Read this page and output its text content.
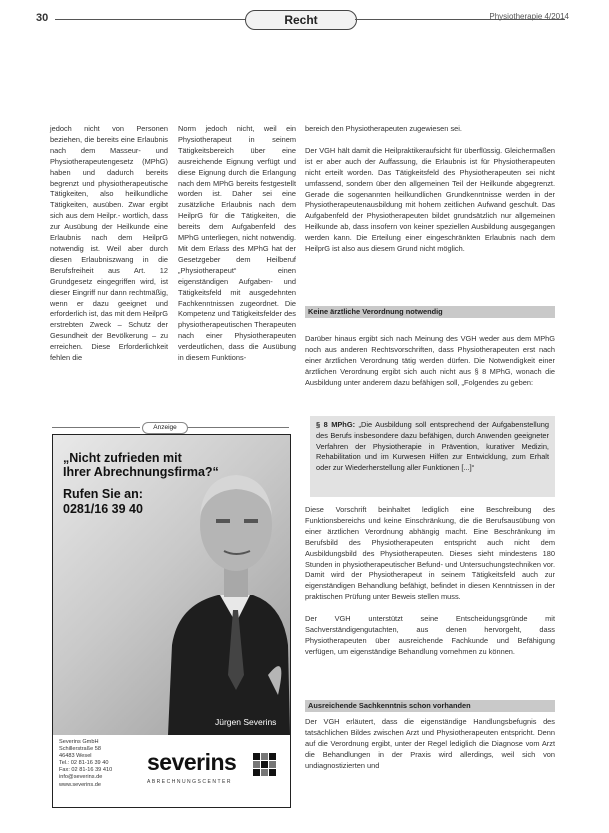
30	Recht	Physiotherapie 4/2014

jedoch nicht von Personen beziehen, die bereits eine Erlaubnis nach dem Masseur- und Physiotherapeutengesetz (MPhG) haben und dadurch bereits begrenzt und physiotherapeutische Tätigkeiten, also heilkundliche Tätigkeiten, ausüben. Zwar ergibt sich aus dem Heilpr.- wortlich, dass zur Ausübung der Heilkunde eine Erlaubnis nach dem HeilprG notwendig ist. Weil aber durch diesen Erlaubniszwang in die Berufsfreiheit aus Art. 12 Grundgesetz eingegriffen wird, ist dieser Eingriff nur dann rechtmäßig, wenn er dazu geeignet und erforderlich ist, das mit dem HeilprG erstrebten Zweck – Schutz der Gesundheit der Bevölkerung – zu erreichen. Diese Erforderlichkeit fehlen die

Norm jedoch nicht, weil ein Physiotherapeut in seinem Tätigkeitsbereich über eine ausreichende Eignung verfügt und diese Eignung durch die Erlangung nach dem MPhG bereits festgestellt worden ist. Daher sei eine zusätzliche Erlaubnis nach dem HeilprG für die Tätigkeiten, die bereits dem Aufgabenfeld des MPhG unterliegen, nicht notwendig. Mit dem Erlass des MPhG hat der Gesetzgeber dem Heilberuf „Physiotherapeut“ einen eigenständigen Aufgaben- und Tätigkeitsfeld mit ausgedehnten Fachkenntnissen zugeordnet. Die Kompetenz und Tätigkeitsfelder des physiotherapeutischen Therapeuten nach einer Physiotherapeuten verdeutlichen, dass die Ausübung in diesem Funktions-

bereich den Physiotherapeuten zugewiesen sei.

Der VGH hält damit die Heilpraktikeraufsicht für überflüssig. Gleichermaßen ist er aber auch der Auffassung, die Erlaubnis ist für Physiotherapeuten nicht erteilt worden. Das Tätigkeitsfeld des Physiotherapeuten sei nicht umfassend, sondern über den allgemeinen Teil der Heilkunde abgegrenzt. Gerade die sogenannten heilkundlichen Grundkenntnisse werden in der Physiotherapeutenausbildung mit hohem zeitlichen Aufwand geschult. Das Aufgabenfeld der Physiotherapeuten bildet grundsätzlich nur allgemeinen Heilkunde ab, dass insofern von keiner speziellen Ausbildung ausgegangen werden kann. Die Erteilung einer eingeschränkten Erlaubnis nach dem HeilprG ist also aus diesem Grund nicht möglich.

Keine ärztliche Verordnung notwendig

Darüber hinaus ergibt sich nach Meinung des VGH weder aus dem MPhG noch aus anderen Rechtsvorschriften, dass Physiotherapeuten erst nach einer ärztlichen Verordnung tätig werden dürfen. Die Notwendigkeit einer ärztlichen Verordnung ergibt sich auch nicht aus § 8 MPhG, wonach die Ausbildung unter anderem dazu befähigen soll, „Folgendes zu geben:

§ 8 MPhG: „Die Ausbildung soll entsprechend der Aufgabenstellung des Berufs insbesondere dazu befähigen, durch Anwenden geeigneter Verfahren der Physiotherapie in Prävention, kurativer Medizin, Rehabilitation und im Kurwesen Hilfen zur Entwicklung, zum Erhalt oder zur Wiederherstellung aller Funktionen [...]“

Diese Vorschrift beinhaltet lediglich eine Beschreibung des Funktionsbereichs und keine Einschränkung, die die Berufsausübung von einer ärztlichen Verordnung abhängig macht. Eine Beschränkung im Berufsbild des Physiotherapeuten entspricht auch nicht dem Ausbildungsbild des Physiotherapeuten. Dieses sieht mindestens 180 Stunden in physiotherapeutischer Befund- und Untersuchungstechniken vor. Damit wird der Physiotherapeut in seinem Tätigkeitsfeld auch zur eigenständigen Behandlung befähigt, befindet in diesen Kenntnissen in der praktischen Prüfung unter Beweis stellen muss.

Der VGH unterstützt seine Entscheidungsgründe mit Sachverständigengutachten, aus denen hervorgeht, dass Physiotherapeuten über ausreichende Fachkunde und Befähigung verfügen, um eigenständige Behandlung vornehmen zu können.

Ausreichende Sachkenntnis schon vorhanden

Der VGH erläutert, dass die eigenständige Handlungsbefugnis des tatsächlichen Bildes zwischen Arzt und Physiotherapeuten entspricht. Denn auf die Verordnung ergibt, unter der Regel lediglich die Diagnose vom Arzt die Behandlungen in der Praxis wird allerdings, weil sich von undiagnostizierten und

Anzeige
„Nicht zufrieden mit
Ihrer Abrechnungsfirma?“
Rufen Sie an:
0281/16 39 40
Jürgen Severins
Severins GmbH
Schillerstraße 58
46483 Wesel
Tel.: 02 81-16 39 40
Fax: 02 81-16 39 410
info@severins.de
www.severins.de
severins
ABRECHNUNGSCENTER
